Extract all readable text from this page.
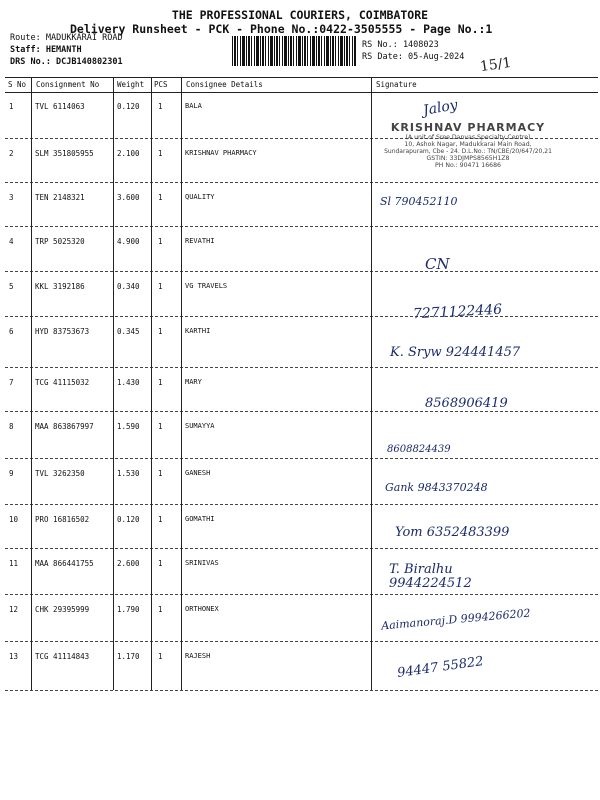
THE PROFESSIONAL COURIERS, COIMBATORE
Delivery Runsheet - PCK - Phone No.:0422-3505555 - Page No.:1
Route: MADUKKARAI ROAD
Staff: HEMANTH
DRS No.: DCJB140802301
RS No.: 1408023
RS Date: 05-Aug-2024 15/1
S No Consignment No Weight PCS Consignee Details	Signature
1	TVL 6114063	0.120 1	BALA	Jaloy
2	SLM 351805955	2.100 1	KRISHNAV PHARMACY
KRISHNAV PHARMACY
(A unit of Sree Danvas Specialty Centre)
10, Ashok Nagar, Madukkarai Main Road,
Sundarapuram, Cbe - 24. D.L.No.: TN/CBE/20/647/20,21
GSTIN: 33DJMPS8565H1Z8
PH No.: 90471 16686
3	TEN 2148321	3.600 1	QUALITY	Sl 790452110
4	TRP 5025320	4.900 1	REVATHI
CN
5	KKL 3192186	0.340 1	VG TRAVELS
7271122446
6	HYD 83753673	0.345 1	KARTHI
K. Sryw 924441457
7	TCG 41115032	1.430 1	MARY
8568906419
8	MAA 863867997	1.590 1	SUMAYYA
8608824439
9	TVL 3262350	1.530 1	GANESH
Gank 9843370248
10 PRO 16816502	0.120 1	GOMATHI
Yom 6352483399
11 MAA 866441755	2.600 1	SRINIVAS	T. Biralhu 9944224512
12 CHK 29395999	1.790 1	ORTHONEX	Aaimanoraj.D 9994266202
13 TCG 41114843	1.170 1	RAJESH	94447 55822
